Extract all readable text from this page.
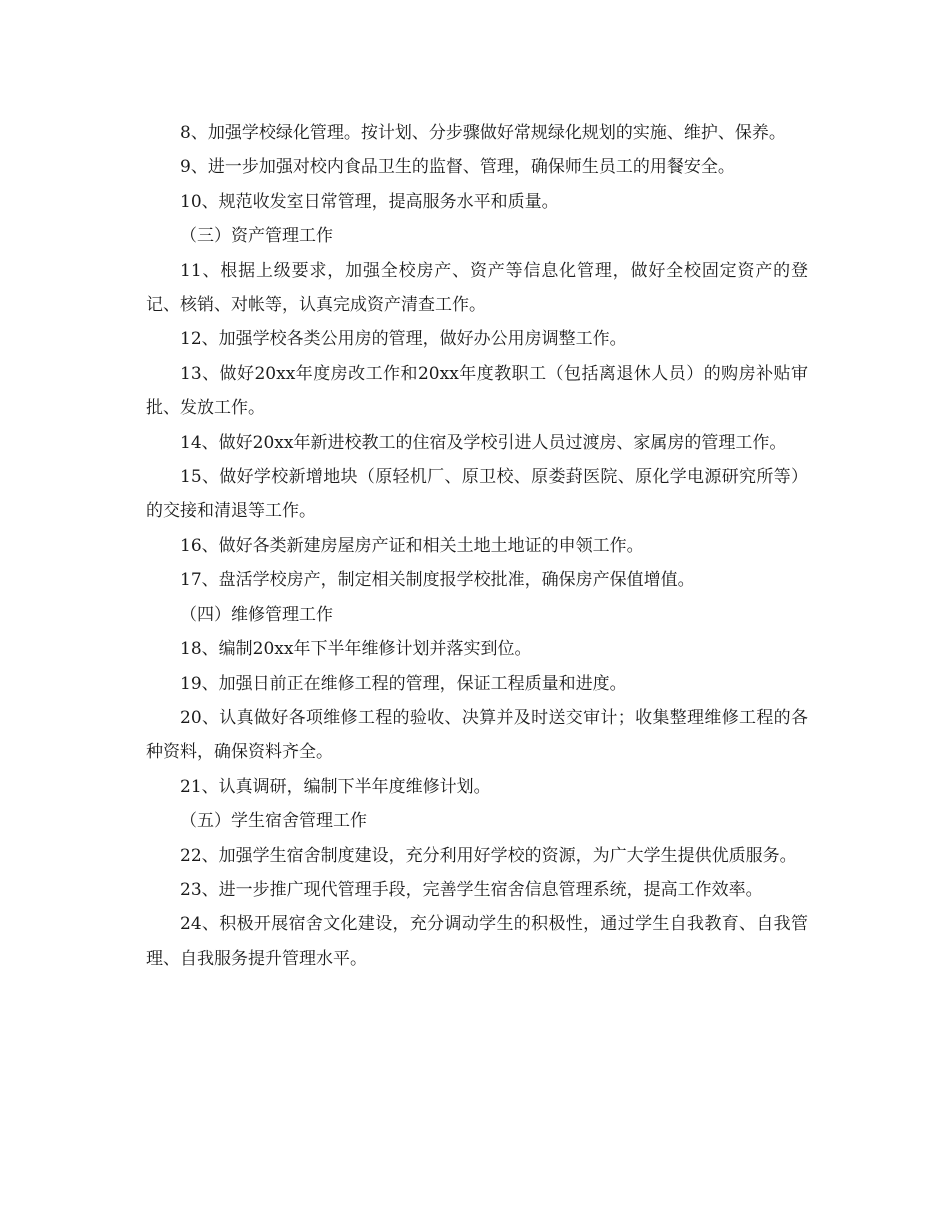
8、加强学校绿化管理。按计划、分步骤做好常规绿化规划的实施、维护、保养。

9、进一步加强对校内食品卫生的监督、管理，确保师生员工的用餐安全。

10、规范收发室日常管理，提高服务水平和质量。

（三）资产管理工作

11、根据上级要求，加强全校房产、资产等信息化管理，做好全校固定资产的登记、核销、对帐等，认真完成资产清查工作。

12、加强学校各类公用房的管理，做好办公用房调整工作。

13、做好20xx年度房改工作和20xx年度教职工（包括离退休人员）的购房补贴审批、发放工作。

14、做好20xx年新进校教工的住宿及学校引进人员过渡房、家属房的管理工作。

15、做好学校新增地块（原轻机厂、原卫校、原娄葑医院、原化学电源研究所等）的交接和清退等工作。

16、做好各类新建房屋房产证和相关土地土地证的申领工作。

17、盘活学校房产，制定相关制度报学校批准，确保房产保值增值。

（四）维修管理工作

18、编制20xx年下半年维修计划并落实到位。

19、加强日前正在维修工程的管理，保证工程质量和进度。

20、认真做好各项维修工程的验收、决算并及时送交审计；收集整理维修工程的各种资料，确保资料齐全。

21、认真调研，编制下半年度维修计划。

（五）学生宿舍管理工作

22、加强学生宿舍制度建设，充分利用好学校的资源，为广大学生提供优质服务。

23、进一步推广现代管理手段，完善学生宿舍信息管理系统，提高工作效率。

24、积极开展宿舍文化建设，充分调动学生的积极性，通过学生自我教育、自我管理、自我服务提升管理水平。
